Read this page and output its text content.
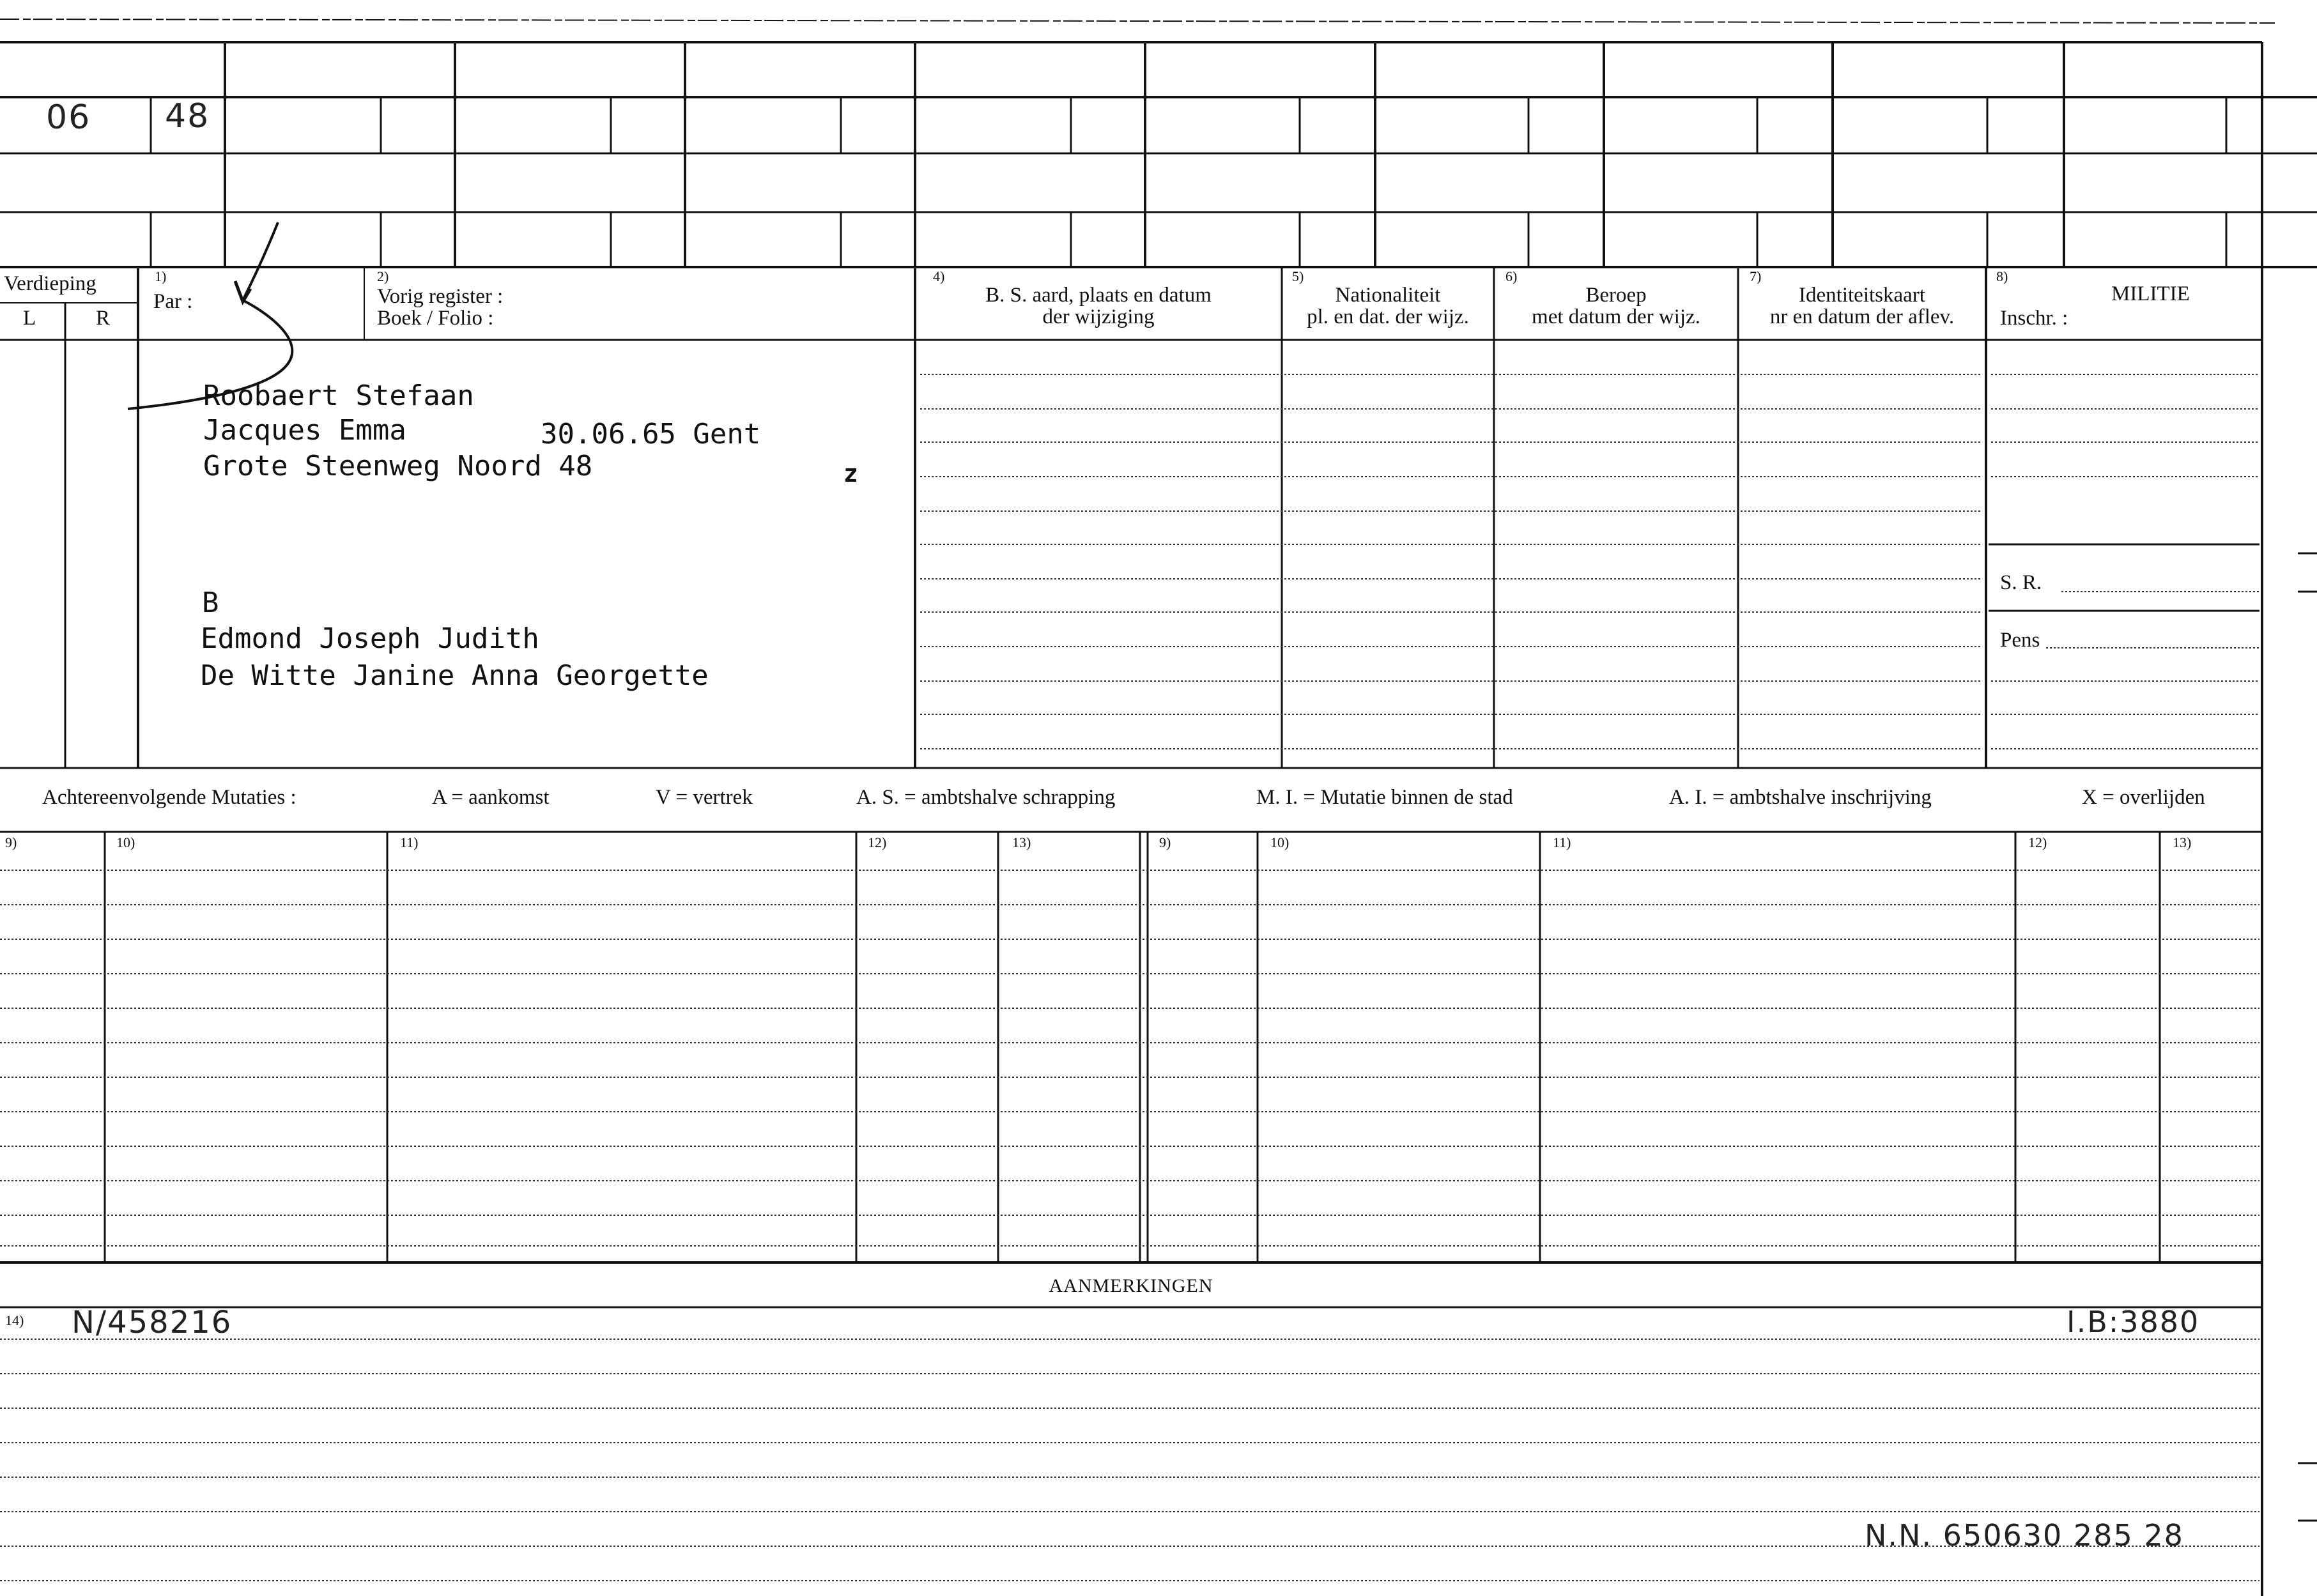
06 48
Verdieping
L	R
1)
Par :
2)
Vorig register :
Boek / Folio :
4)
B. S. aard, plaats en datum
der wijziging
5)
Nationaliteit
pl. en dat. der wijz.
6)
Beroep
met datum der wijz.
7)
Identiteitskaart
nr en datum der aflev.
8)
MILITIE
Inschr. :
S. R.
Pens
Roobaert Stefaan
Jacques Emma	30.06.65 Gent
Grote Steenweg Noord 48	z
B
Edmond Joseph Judith
De Witte Janine Anna Georgette
Achtereenvolgende Mutaties :	A = aankomst	V = vertrek	A. S. = ambtshalve schrapping	M. I. = Mutatie binnen de stad	A. I. = ambtshalve inschrijving	X = overlijden
9)	10)	11)	12)	13)	9)	10)	11)	12)	13)
AANMERKINGEN
14) N/458216	I.B:3880
N.N. 650630 285 28
